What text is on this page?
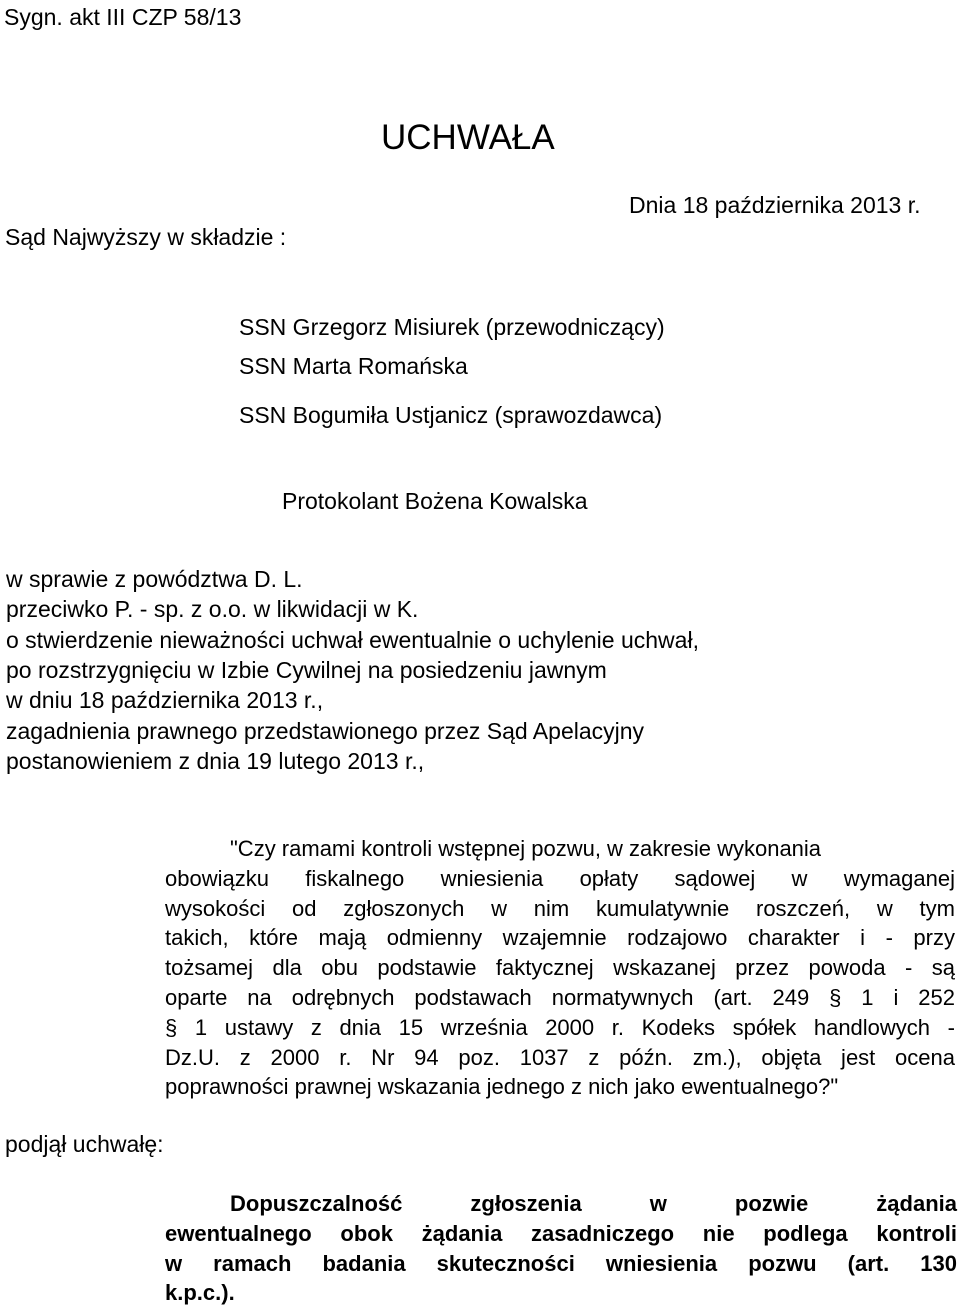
Sygn. akt III CZP 58/13
UCHWAŁA
Dnia 18 października 2013 r.
Sąd Najwyższy w składzie :
SSN Grzegorz Misiurek (przewodniczący)
SSN Marta Romańska
SSN Bogumiła Ustjanicz (sprawozdawca)
Protokolant Bożena Kowalska
w sprawie z powództwa D. L.
przeciwko P. - sp. z o.o. w likwidacji w K.
o stwierdzenie nieważności uchwał ewentualnie o uchylenie uchwał,
po rozstrzygnięciu w Izbie Cywilnej na posiedzeniu jawnym
w dniu 18 października 2013 r.,
zagadnienia prawnego przedstawionego przez Sąd Apelacyjny
postanowieniem z dnia 19 lutego 2013 r.,
"Czy ramami kontroli wstępnej pozwu, w zakresie wykonania
obowiązku fiskalnego wniesienia opłaty sądowej w wymaganej
wysokości od zgłoszonych w nim kumulatywnie roszczeń, w tym
takich, które mają odmienny wzajemnie rodzajowo charakter i - przy
tożsamej dla obu podstawie faktycznej wskazanej przez powoda - są
oparte na odrębnych podstawach normatywnych (art. 249 § 1 i 252
§ 1 ustawy z dnia 15 września 2000 r. Kodeks spółek handlowych -
Dz.U. z 2000 r. Nr 94 poz. 1037 z późn. zm.), objęta jest ocena
poprawności prawnej wskazania jednego z nich jako ewentualnego?"
podjął uchwałę:
Dopuszczalność zgłoszenia w pozwie żądania
ewentualnego obok żądania zasadniczego nie podlega kontroli
w ramach badania skuteczności wniesienia pozwu (art. 130
k.p.c.).
